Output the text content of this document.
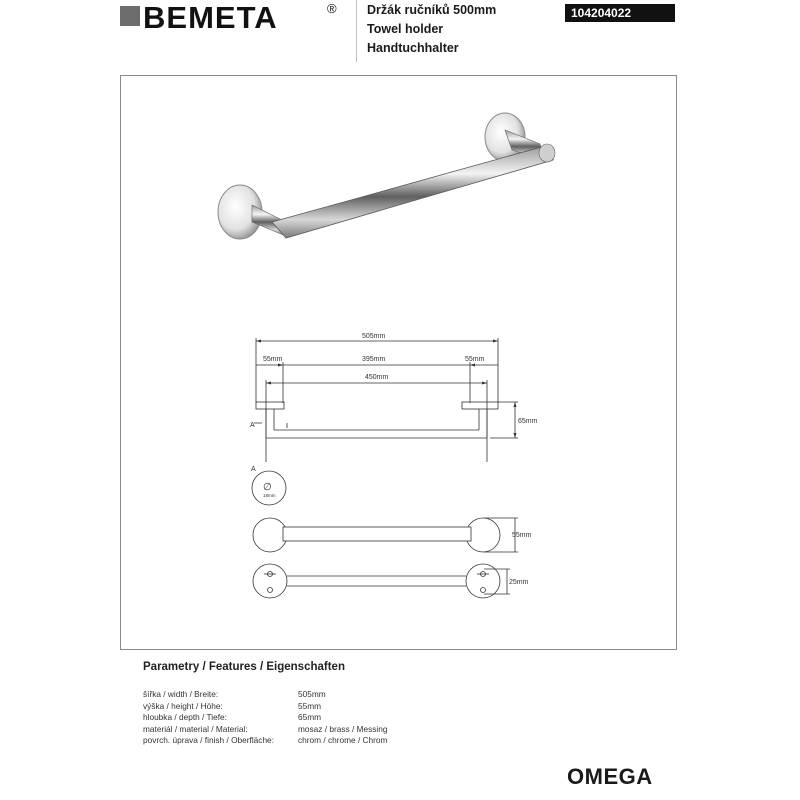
BEMETA	® Držák ručníků 500mm
Towel holder
Handtuchhalter
104204022
505mm
55mm	395mm	55mm
450mm
65mm
A
A
∅
18mm
55mm
25mm
Parametry / Features / Eigenschaften
šířka / width / Breite:	505mm
výška / height / Höhe:	55mm
hloubka / depth / Tiefe:	65mm
materiál / material / Material:	mosaz / brass / Messing
povrch. úprava / finish / Oberfläche:	chrom / chrome / Chrom
OMEGA
